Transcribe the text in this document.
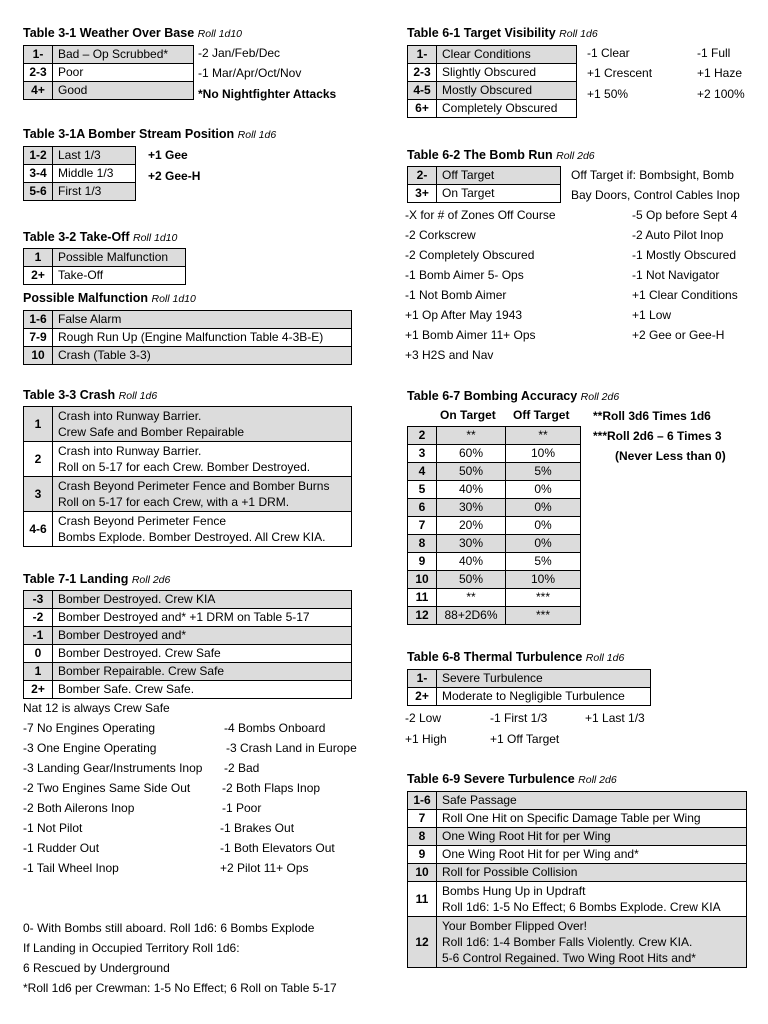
Table 3-1 Weather Over Base Roll 1d10
1-	Bad – Op Scrubbed*
2-3	Poor
4+	Good
-2 Jan/Feb/Dec
-1 Mar/Apr/Oct/Nov
*No Nightfighter Attacks
Table 3-1A Bomber Stream Position Roll 1d6
1-2	Last 1/3
3-4	Middle 1/3
5-6	First 1/3
+1 Gee
+2 Gee-H
Table 3-2 Take-Off Roll 1d10
1	Possible Malfunction
2+	Take-Off
Possible Malfunction Roll 1d10
1-6	False Alarm
7-9	Rough Run Up (Engine Malfunction Table 4-3B-E)
10	Crash (Table 3-3)
Table 3-3 Crash Roll 1d6
1	Crash into Runway Barrier.
Crew Safe and Bomber Repairable

2	Crash into Runway Barrier.
Roll on 5-17 for each Crew. Bomber Destroyed.

3	Crash Beyond Perimeter Fence and Bomber Burns
Roll on 5-17 for each Crew, with a +1 DRM.

4-6	Crash Beyond Perimeter Fence
Bombs Explode. Bomber Destroyed. All Crew KIA.
Table 7-1 Landing Roll 2d6
-3	Bomber Destroyed. Crew KIA
-2	Bomber Destroyed and* +1 DRM on Table 5-17
-1	Bomber Destroyed and*
0	Bomber Destroyed. Crew Safe
1	Bomber Repairable. Crew Safe
2+	Bomber Safe. Crew Safe.
Nat 12 is always Crew Safe
-7 No Engines Operating
-3 One Engine Operating
-3 Landing Gear/Instruments Inop
-2 Two Engines Same Side Out
-2 Both Ailerons Inop
-1 Not Pilot
-1 Rudder Out
-1 Tail Wheel Inop
-4 Bombs Onboard
-3 Crash Land in Europe
-2 Bad
-2 Both Flaps Inop
-1 Poor
-1 Brakes Out
-1 Both Elevators Out
+2 Pilot 11+ Ops
0- With Bombs still aboard. Roll 1d6: 6 Bombs Explode
If Landing in Occupied Territory Roll 1d6:
6 Rescued by Underground
*Roll 1d6 per Crewman: 1-5 No Effect; 6 Roll on Table 5-17
Table 6-1 Target Visibility Roll 1d6
1-	Clear Conditions
2-3	Slightly Obscured
4-5	Mostly Obscured
6+	Completely Obscured
-1 Clear
+1 Crescent
+1 50%
-1 Full
+1 Haze
+2 100%
Table 6-2 The Bomb Run Roll 2d6
2-	Off Target
3+	On Target
Off Target if: Bombsight, Bomb
Bay Doors, Control Cables Inop
-X for # of Zones Off Course
-2 Corkscrew
-2 Completely Obscured
-1 Bomb Aimer 5- Ops
-1 Not Bomb Aimer
+1 Op After May 1943
+1 Bomb Aimer 11+ Ops
+3 H2S and Nav
-5 Op before Sept 4
-2 Auto Pilot Inop
-1 Mostly Obscured
-1 Not Navigator
+1 Clear Conditions
+1 Low
+2 Gee or Gee-H
Table 6-7 Bombing Accuracy Roll 2d6
On Target Off Target
2	**	**
3	60%	10%
4	50%	5%
5	40%	0%
6	30%	0%
7	20%	0%
8	30%	0%
9	40%	5%
10	50%	10%
11	**	***
12	88+2D6%	***
**Roll 3d6 Times 1d6
***Roll 2d6 – 6 Times 3
(Never Less than 0)
Table 6-8 Thermal Turbulence Roll 1d6
1-	Severe Turbulence
2+	Moderate to Negligible Turbulence
-2 Low	-1 First 1/3	+1 Last 1/3
+1 High	+1 Off Target
Table 6-9 Severe Turbulence Roll 2d6
1-6	Safe Passage
7	Roll One Hit on Specific Damage Table per Wing
8	One Wing Root Hit for per Wing
9	One Wing Root Hit for per Wing and*
10	Roll for Possible Collision
11	Bombs Hung Up in Updraft
Roll 1d6: 1-5 No Effect; 6 Bombs Explode. Crew KIA

12	Your Bomber Flipped Over!
Roll 1d6: 1-4 Bomber Falls Violently. Crew KIA.
5-6 Control Regained. Two Wing Root Hits and*
